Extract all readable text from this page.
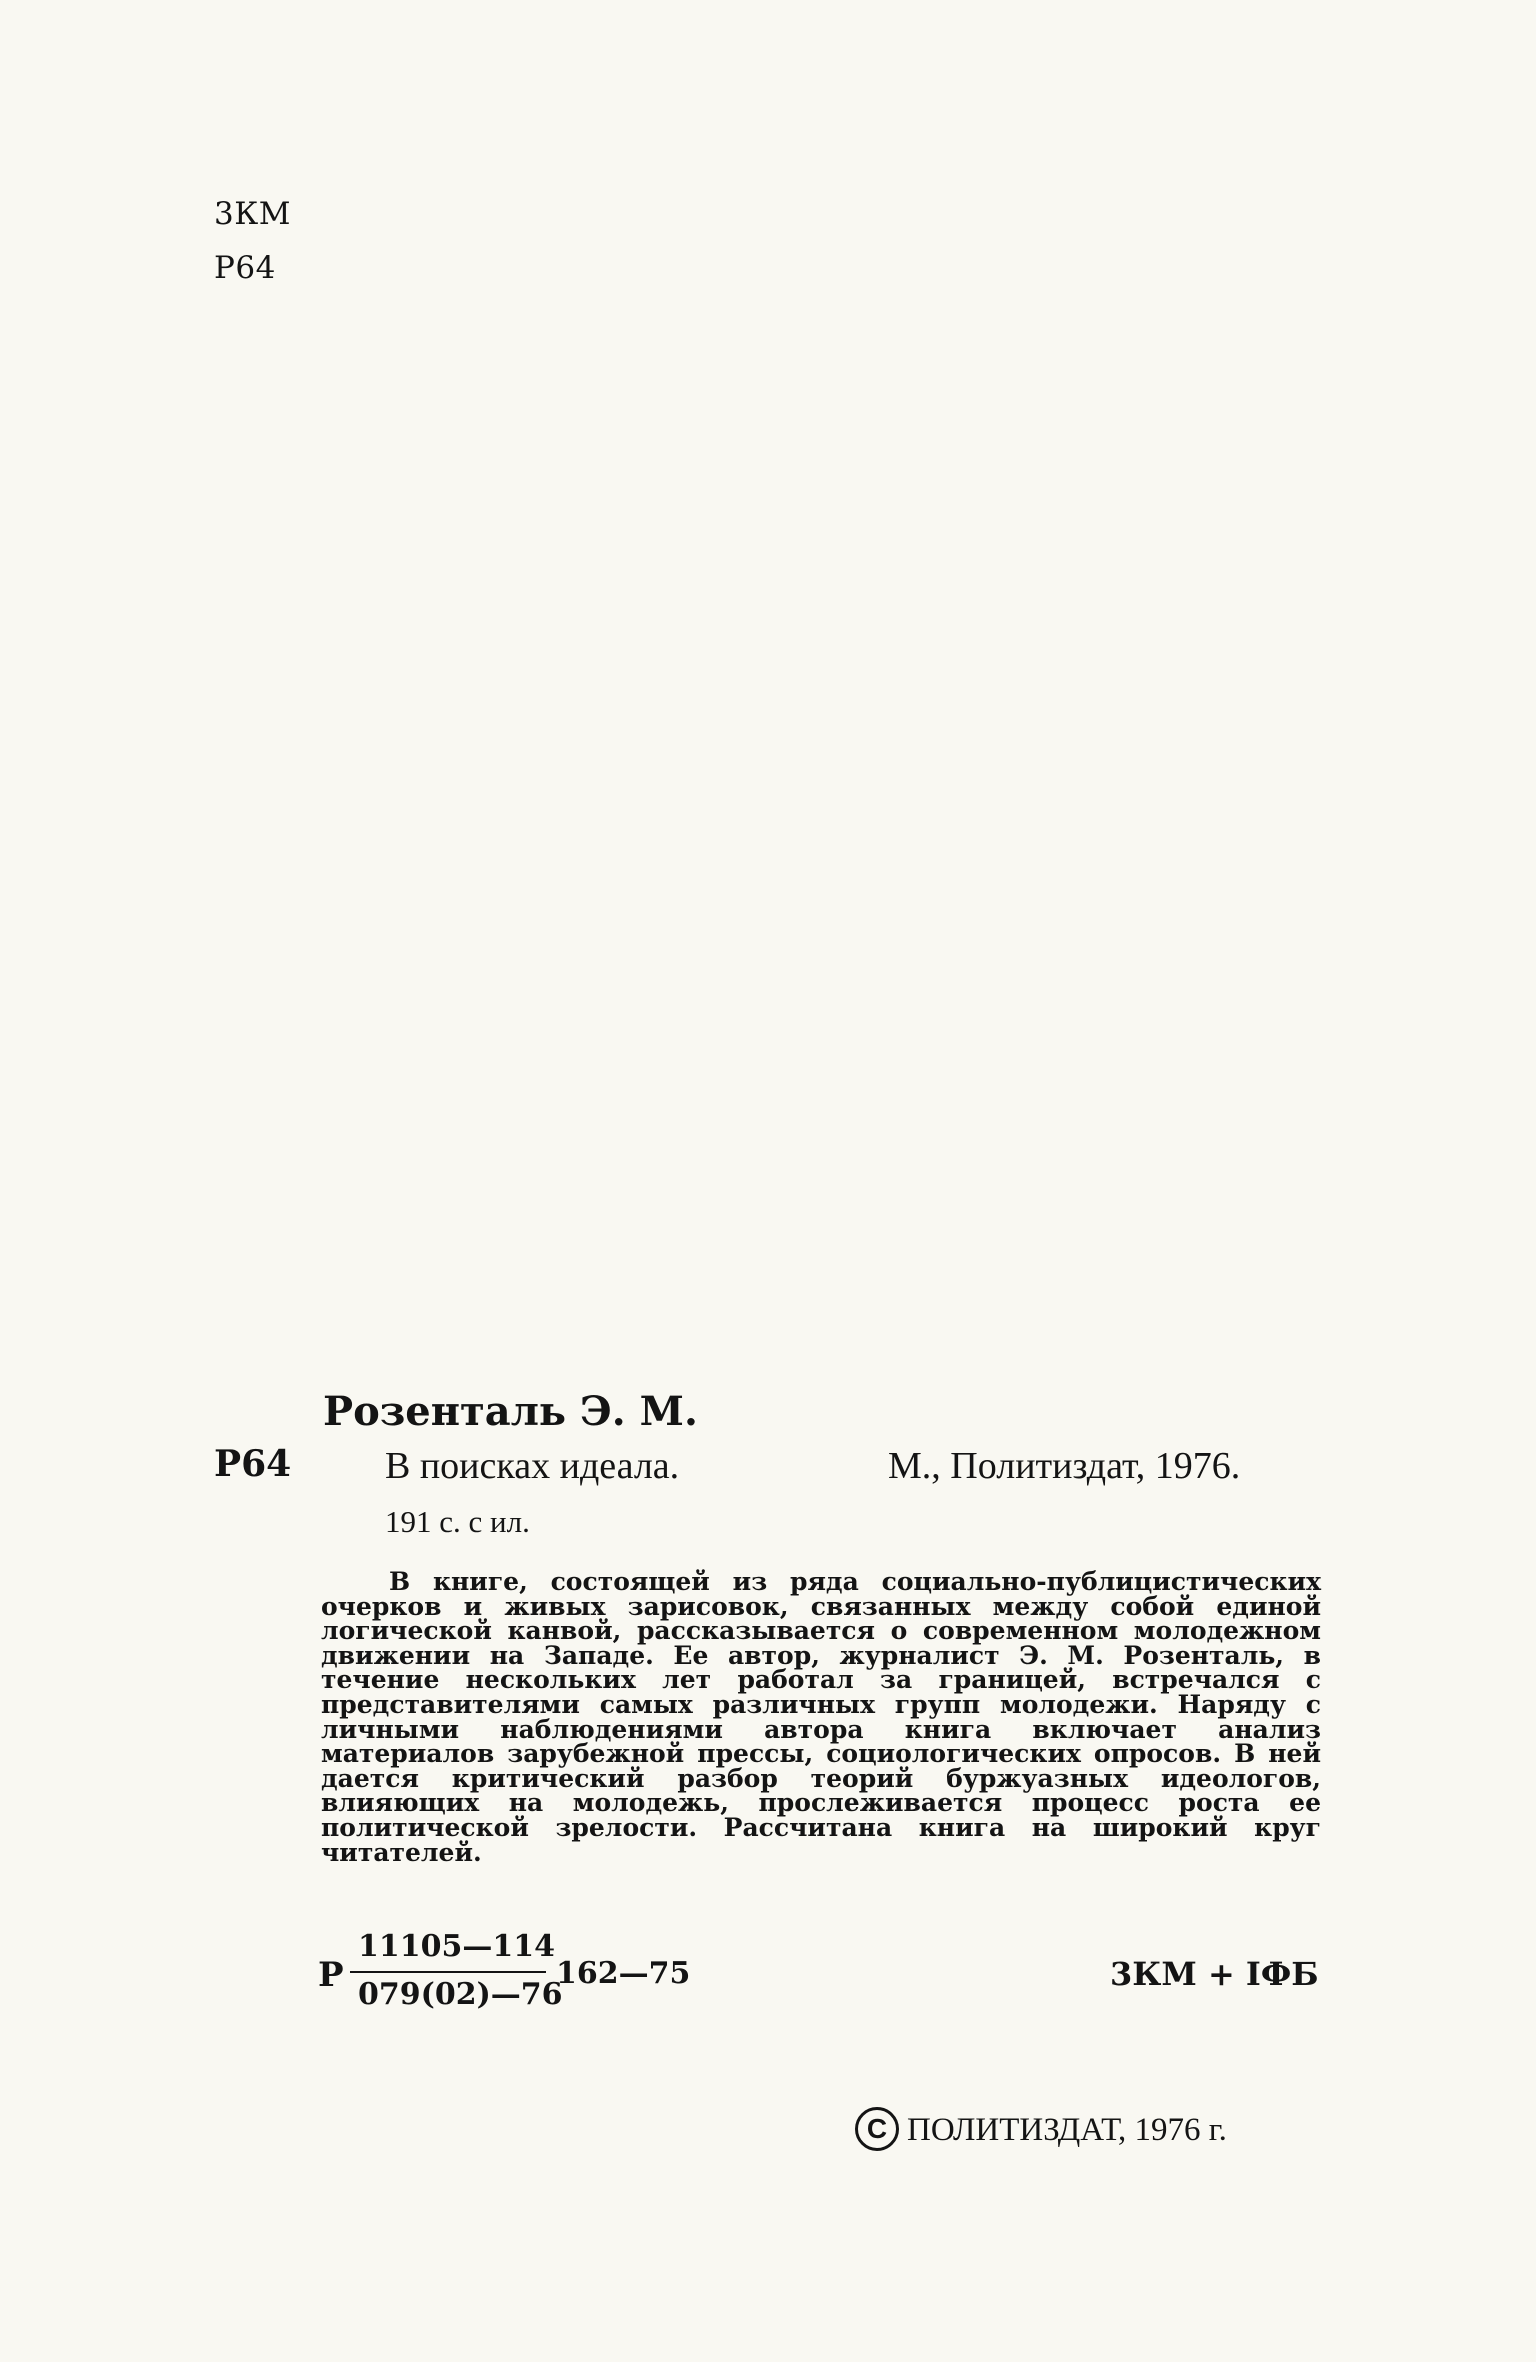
3КМ
Р64
Розенталь Э. М.
Р64 В поисках идеала.	М., Политиздат, 1976.
191 с. с ил.

В книге, состоящей из ряда социально-публицистических очерков и живых зарисовок, связанных между собой единой логической канвой, рассказывается о современном молодежном движении на Западе. Ее автор, журналист Э. М. Розенталь, в течение нескольких лет работал за границей, встречался с представителями самых различных групп молодежи. Наряду с личными наблюдениями автора книга включает анализ материалов зарубежной прессы, социологических опросов. В ней дается критический разбор теорий буржуазных идеологов, влияющих на молодежь, прослеживается процесс роста ее политической зрелости. Рассчитана книга на широкий круг читателей.

Р
11105—114
079(02)—76
162—75	3КМ + IФБ
C ПОЛИТИЗДАТ, 1976 г.
